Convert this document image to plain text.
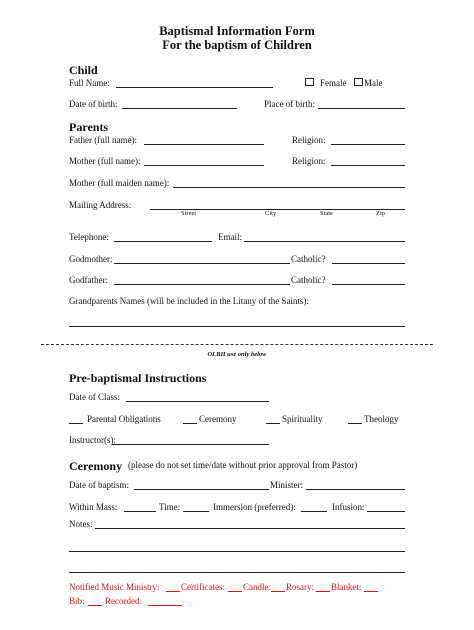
Baptismal Information Form
For the baptism of Children
Child
Full Name:	Female Male
Date of birth:	Place of birth:
Parents
Father (full name):	Religion:
Mother (full name):	Religion:
Mother (full maiden name):
Mailing Address:
Street	City	State	Zip
Telephone:	Email:
Godmother:	Catholic?
Godfather:	Catholic?
Grandparents Names (will be included in the Litany of the Saints):
OLBH use only below
Pre-baptismal Instructions
Date of Class:
Parental Obligations	Ceremony	Spirituality	Theology
Instructor(s):
Ceremony (please do not set time/date without prior approval from Pastor)
Date of baptism:	Minister:
Within Mass:	Time:	Immersion (preferred):	Infusion:
Notes:
Notified Music Ministry: Certificates: Candle: Rosary: Blanket:
Bib: Recorded:
